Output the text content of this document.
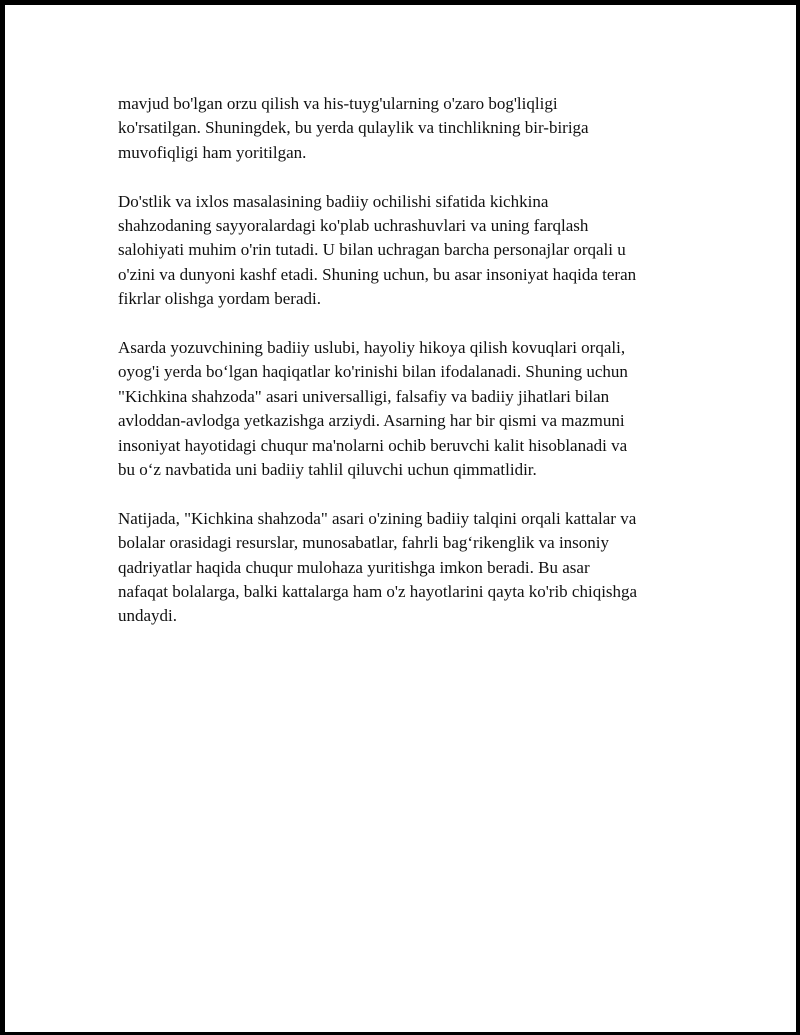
mavjud bo'lgan orzu qilish va his-tuyg'ularning o'zaro bog'liqligi
ko'rsatilgan. Shuningdek, bu yerda qulaylik va tinchlikning bir-biriga
muvofiqligi ham yoritilgan.

Do'stlik va ixlos masalasining badiiy ochilishi sifatida kichkina
shahzodaning sayyoralardagi ko'plab uchrashuvlari va uning farqlash
salohiyati muhim o'rin tutadi. U bilan uchragan barcha personajlar orqali u
o'zini va dunyoni kashf etadi. Shuning uchun, bu asar insoniyat haqida teran
fikrlar olishga yordam beradi.

Asarda yozuvchining badiiy uslubi, hayoliy hikoya qilish kovuqlari orqali,
oyog'i yerda bo‘lgan haqiqatlar ko'rinishi bilan ifodalanadi. Shuning uchun
"Kichkina shahzoda" asari universalligi, falsafiy va badiiy jihatlari bilan
avloddan-avlodga yetkazishga arziydi. Asarning har bir qismi va mazmuni
insoniyat hayotidagi chuqur ma'nolarni ochib beruvchi kalit hisoblanadi va
bu o‘z navbatida uni badiiy tahlil qiluvchi uchun qimmatlidir.

Natijada, "Kichkina shahzoda" asari o'zining badiiy talqini orqali kattalar va
bolalar orasidagi resurslar, munosabatlar, fahrli bag‘rikenglik va insoniy
qadriyatlar haqida chuqur mulohaza yuritishga imkon beradi. Bu asar
nafaqat bolalarga, balki kattalarga ham o'z hayotlarini qayta ko'rib chiqishga
undaydi.
